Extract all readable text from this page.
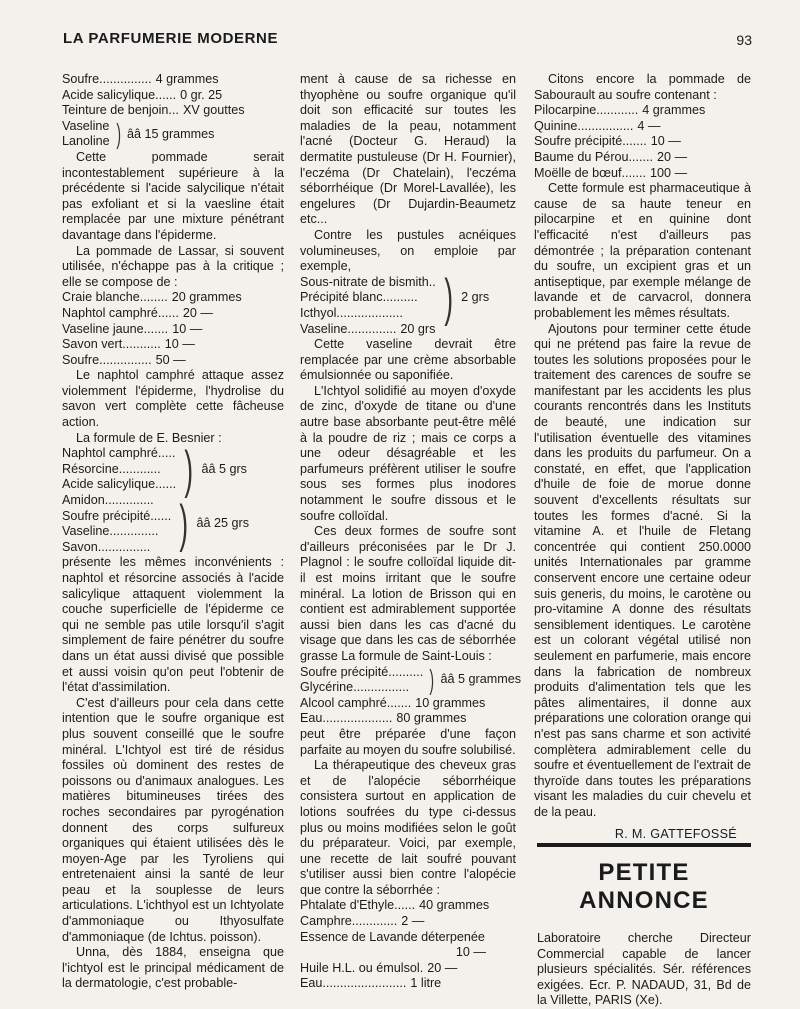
LA PARFUMERIE MODERNE	93
Soufre............... 4 grammes
Acide salicylique...... 0 gr. 25
Teinture de benjoin... XV gouttes
Vaseline
Lanoline ) ââ 15 grammes

Cette pommade serait incontestablement supérieure à la précédente si l'acide salycilique n'était pas exfoliant et si la vaesline était remplacée par une mixture pénétrant davantage dans l'épiderme.

La pommade de Lassar, si souvent utilisée, n'échappe pas à la critique ; elle se compose de :

Craie blanche........ 20 grammes
Naphtol camphré...... 20 —
Vaseline jaune....... 10 —
Savon vert........... 10 —
Soufre............... 50 —

Le naphtol camphré attaque assez violemment l'épiderme, l'hydrolise du savon vert complète cette fâcheuse action.

La formule de E. Besnier :

Naphtol camphré.....
Résorcine............
Acide salicylique...... ) ââ 5 grs
Amidon..............
Soufre précipité......
Vaseline..............
Savon............... ) ââ 25 grs

présente les mêmes inconvénients : naphtol et résorcine associés à l'acide salicylique attaquent violemment la couche superficielle de l'épiderme ce qui ne semble pas utile lorsqu'il s'agit simplement de faire pénétrer du soufre dans un état aussi divisé que possible et aussi voisin qu'on peut l'obtenir de l'état d'assimilation.

C'est d'ailleurs pour cela dans cette intention que le soufre organique est plus souvent conseillé que le soufre minéral. L'Ichtyol est tiré de résidus fossiles où dominent des restes de poissons ou d'animaux analogues. Les matières bitumineuses tirées des roches secondaires par pyrogénation donnent des corps sulfureux organiques qui étaient utilisées dès le moyen-Age par les Tyroliens qui entretenaient ainsi la santé de leur peau et la souplesse de leurs articulations. L'ichthyol est un Ichtyolate d'ammoniaque ou Ithyosulfate d'ammoniaque (de Ichtus. poisson).

Unna, dès 1884, enseigna que l'ichtyol est le principal médicament de la dermatologie, c'est probable-

ment à cause de sa richesse en thyophène ou soufre organique qu'il doit son efficacité sur toutes les maladies de la peau, notamment l'acné (Docteur G. Heraud) la dermatite pustuleuse (Dr H. Fournier), l'eczéma (Dr Chatelain), l'eczéma séborrhéique (Dr Morel-Lavallée), les engelures (Dr Dujardin-Beaumetz etc...

Contre les pustules acnéiques volumineuses, on emploie par exemple,

Sous-nitrate de bismith..
Précipité blanc..........
Icthyol................... ) 2 grs
Vaseline.............. 20 grs

Cette vaseline devrait être remplacée par une crème absorbable émulsionnée ou saponifiée.

L'Ichtyol solidifié au moyen d'oxyde de zinc, d'oxyde de titane ou d'une autre base absorbante peut-être mêlé à la poudre de riz ; mais ce corps a une odeur désagréable et les parfumeurs préfèrent utiliser le soufre sous ses formes plus inodores notamment le soufre dissous et le soufre colloïdal.

Ces deux formes de soufre sont d'ailleurs préconisées par le Dr J. Plagnol : le soufre colloïdal liquide dit-il est moins irritant que le soufre minéral. La lotion de Brisson qui en contient est admirablement supportée aussi bien dans les cas d'acné du visage que dans les cas de séborrhée grasse La formule de Saint-Louis :

Soufre précipité..........
Glycérine................ ) ââ 5 grammes
Alcool camphré....... 10 grammes
Eau.................... 80 grammes

peut être préparée d'une façon parfaite au moyen du soufre solubilisé.

La thérapeutique des cheveux gras et de l'alopécie séborrhéique consistera surtout en application de lotions soufrées du type ci-dessus plus ou moins modifiées selon le goût du préparateur. Voici, par exemple, une recette de lait soufré pouvant s'utiliser aussi bien contre l'alopécie que contre la séborrhée :

Phtalate d'Ethyle...... 40 grammes
Camphre............. 2 —
Essence de Lavande déterpenée
10 —
Huile H.L. ou émulsol. 20 —
Eau........................ 1 litre

Citons encore la pommade de Sabourault au soufre contenant :

Pilocarpine............ 4 grammes
Quinine................ 4 —
Soufre précipité....... 10 —
Baume du Pérou....... 20 —
Moëlle de bœuf....... 100 —

Cette formule est pharmaceutique à cause de sa haute teneur en pilocarpine et en quinine dont l'efficacité n'est d'ailleurs pas démontrée ; la préparation contenant du soufre, un excipient gras et un antiseptique, par exemple mélange de lavande et de carvacrol, donnera probablement les mêmes résultats.

Ajoutons pour terminer cette étude qui ne prétend pas faire la revue de toutes les solutions proposées pour le traitement des carences de soufre se manifestant par les accidents les plus courants rencontrés dans les Instituts de beauté, une indication sur l'utilisation éventuelle des vitamines dans les produits du parfumeur. On a constaté, en effet, que l'application d'huile de foie de morue donne souvent d'excellents résultats sur toutes les formes d'acné. Si la vitamine A. et l'huile de Fletang concentrée qui contient 250.0000 unités Internationales par gramme conservent encore une certaine odeur suis generis, du moins, le carotène ou pro-vitamine A donne des résultats sensiblement identiques. Le carotène est un colorant végétal utilisé non seulement en parfumerie, mais encore dans la fabrication de nombreux produits d'alimentation tels que les pâtes alimentaires, il donne aux préparations une coloration orange qui n'est pas sans charme et son activité complètera admirablement celle du soufre et éventuellement de l'extrait de thyroïde dans toutes les préparations visant les maladies du cuir chevelu et de la peau.

R. M. GATTEFOSSÉ
PETITE ANNONCE
Laboratoire cherche Directeur Commercial capable de lancer plusieurs spécialités. Sér. références exigées. Ecr. P. NADAUD, 31, Bd de la Villette, PARIS (Xe).
